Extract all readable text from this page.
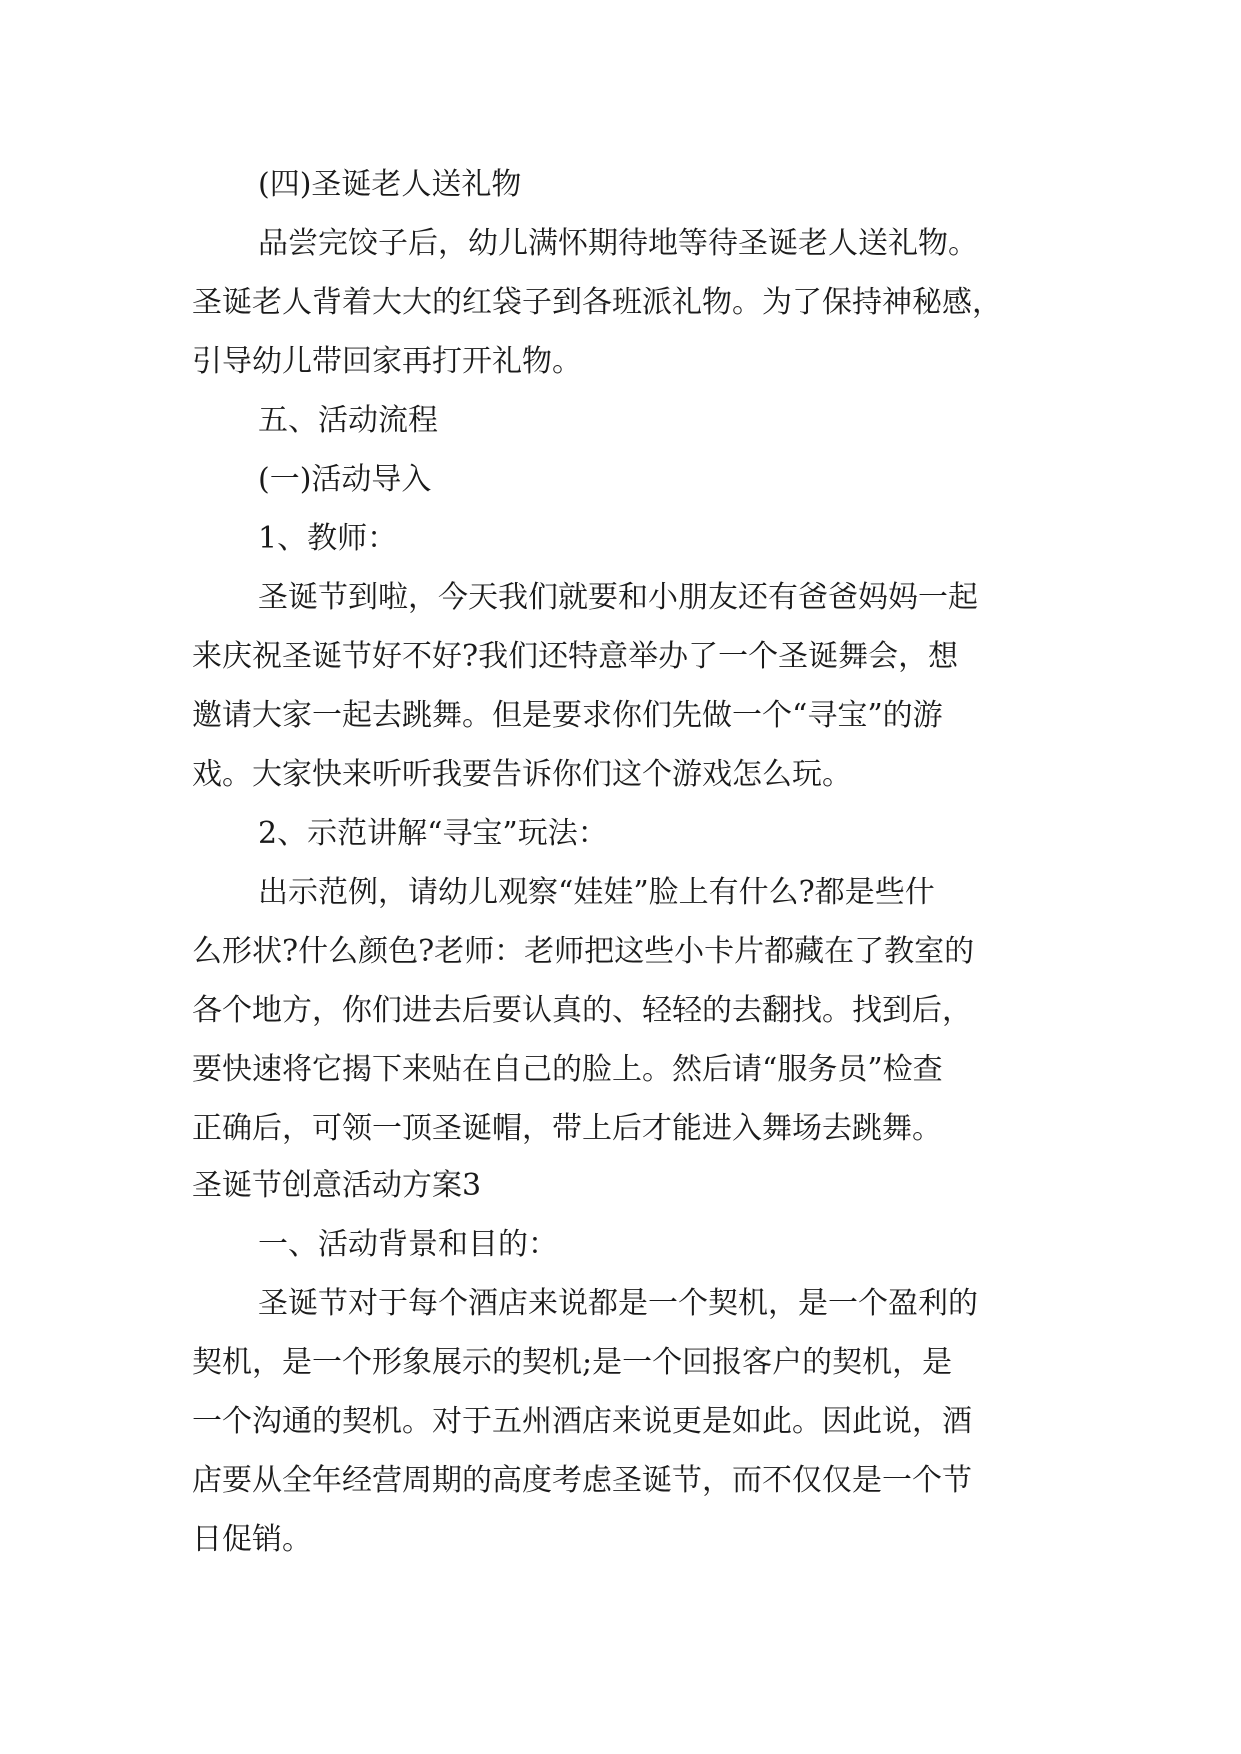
(四)圣诞老人送礼物
品尝完饺子后，幼儿满怀期待地等待圣诞老人送礼物。
圣诞老人背着大大的红袋子到各班派礼物。为了保持神秘感，
引导幼儿带回家再打开礼物。
五、活动流程
(一)活动导入
1、教师：
圣诞节到啦，今天我们就要和小朋友还有爸爸妈妈一起
来庆祝圣诞节好不好?我们还特意举办了一个圣诞舞会，想
邀请大家一起去跳舞。但是要求你们先做一个“寻宝”的游
戏。大家快来听听我要告诉你们这个游戏怎么玩。
2、示范讲解“寻宝”玩法：
出示范例，请幼儿观察“娃娃”脸上有什么?都是些什
么形状?什么颜色?老师：老师把这些小卡片都藏在了教室的
各个地方，你们进去后要认真的、轻轻的去翻找。找到后，
要快速将它揭下来贴在自己的脸上。然后请“服务员”检查
正确后，可领一顶圣诞帽，带上后才能进入舞场去跳舞。
圣诞节创意活动方案3
一、活动背景和目的：
圣诞节对于每个酒店来说都是一个契机，是一个盈利的
契机，是一个形象展示的契机;是一个回报客户的契机，是
一个沟通的契机。对于五州酒店来说更是如此。因此说，酒
店要从全年经营周期的高度考虑圣诞节，而不仅仅是一个节
日促销。
